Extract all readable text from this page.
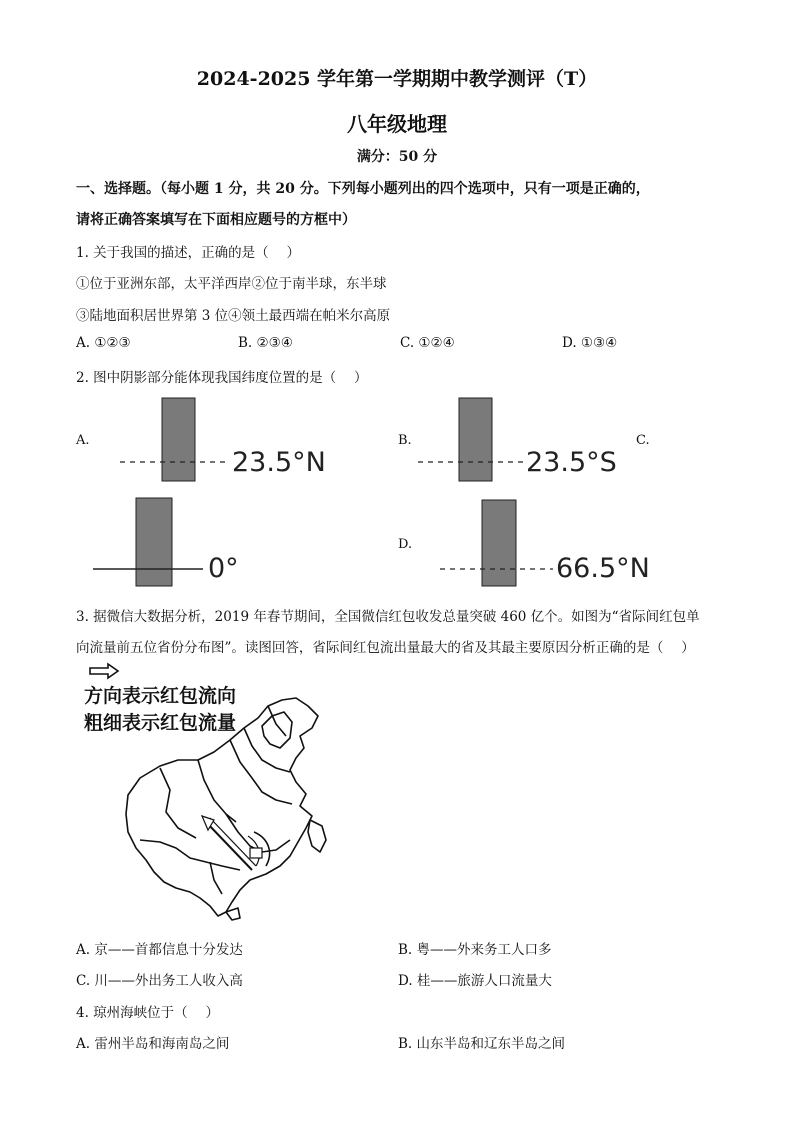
2024-2025 学年第一学期期中教学测评（T）
八年级地理
满分：50 分
一、选择题。（每小题 1 分，共 20 分。下列每小题列出的四个选项中，只有一项是正确的，
请将正确答案填写在下面相应题号的方框中）
1. 关于我国的描述，正确的是（　 ）
①位于亚洲东部，太平洋西岸②位于南半球，东半球
③陆地面积居世界第 3 位④领土最西端在帕米尔高原
A. ①②③	B. ②③④	C. ①②④	D. ①③④
2. 图中阴影部分能体现我国纬度位置的是（　 ）
A.	B.	C.
D.
23.5°N	23.5°S
0°	66.5°N
3. 据微信大数据分析，2019 年春节期间，全国微信红包收发总量突破 460 亿个。如图为“省际间红包单
向流量前五位省份分布图”。读图回答，省际间红包流出量最大的省及其最主要原因分析正确的是（　 ）
方向表示红包流向
粗细表示红包流量
A. 京——首都信息十分发达	B. 粤——外来务工人口多
C. 川——外出务工人收入高	D. 桂——旅游人口流量大
4. 琼州海峡位于（　 ）
A. 雷州半岛和海南岛之间	B. 山东半岛和辽东半岛之间
